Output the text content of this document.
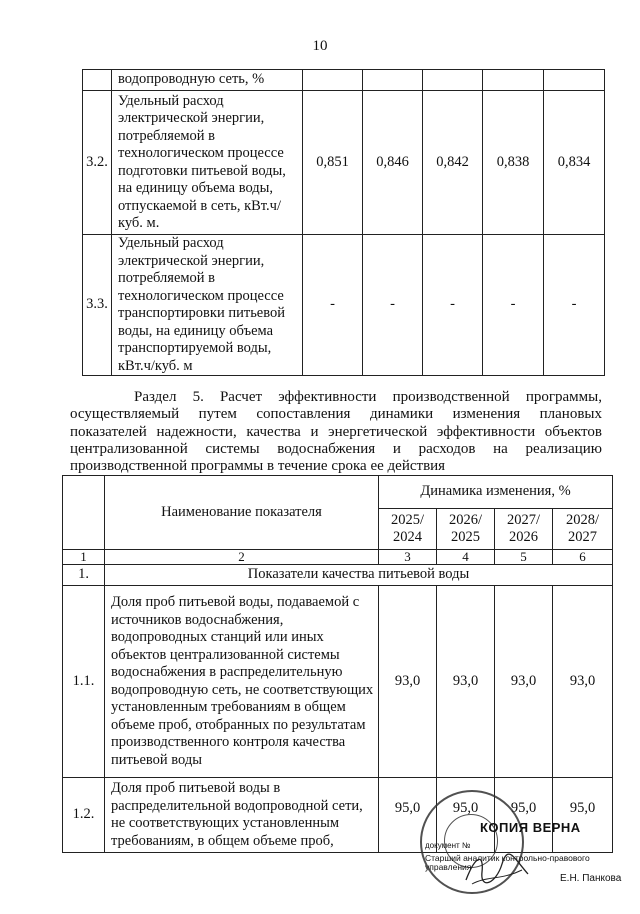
10
	водопроводную сеть, %					
3.2.	Удельный расход электрической энергии, потребляемой в технологическом процессе подготовки питьевой воды, на единицу объема воды, отпускаемой в сеть, кВт.ч/куб. м.	0,851	0,846	0,842	0,838	0,834
3.3.	Удельный расход электрической энергии, потребляемой в технологическом процессе транспортировки питьевой воды, на единицу объема транспортируемой воды, кВт.ч/куб. м	-	-	-	-	-
Раздел 5. Расчет эффективности производственной программы, осуществляемый путем сопоставления динамики изменения плановых показателей надежности, качества и энергетической эффективности объектов централизованной системы водоснабжения и расходов на реализацию производственной программы в течение срока ее действия
	Наименование показателя	Динамика изменения, %			
		2025/ 2024	2026/ 2025	2027/ 2026	2028/ 2027
1	2	3	4	5	6
1.	Показатели качества питьевой воды				
1.1.	Доля проб питьевой воды, подаваемой с источников водоснабжения, водопроводных станций или иных объектов централизованной системы водоснабжения в распределительную водопроводную сеть, не соответствующих установленным требованиям в общем объеме проб, отобранных по результатам производственного контроля качества питьевой воды	93,0	93,0	93,0	93,0
1.2.	Доля проб питьевой воды в распределительной водопроводной сети, не соответствующих установленным требованиям, в общем объеме проб,	95,0	95,0	95,0	95,0
КОПИЯ ВЕРНА
документ №
Старший аналитик контрольно-правового управления
Е.Н. Панкова
